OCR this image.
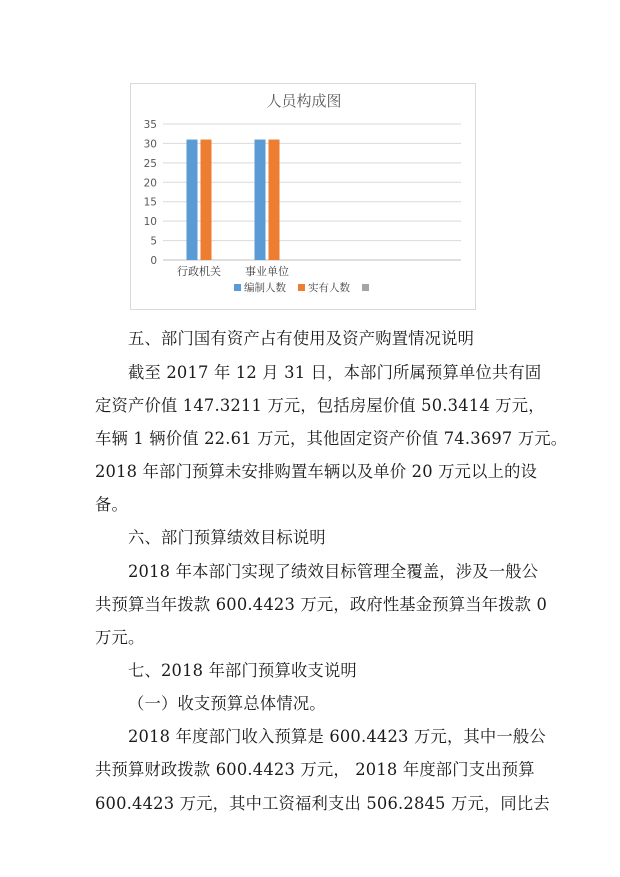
人员构成图
0
5
10
15
20
25
30
35
行政机关 事业单位
编制人数 实有人数
五、部门国有资产占有使用及资产购置情况说明
截至 2017 年 12 月 31 日，本部门所属预算单位共有固
定资产价值 147.3211 万元，包括房屋价值 50.3414 万元，
车辆 1 辆价值 22.61 万元，其他固定资产价值 74.3697 万元。
2018 年部门预算未安排购置车辆以及单价 20 万元以上的设
备。
六、部门预算绩效目标说明
2018 年本部门实现了绩效目标管理全覆盖，涉及一般公
共预算当年拨款 600.4423 万元，政府性基金预算当年拨款 0
万元。
七、2018 年部门预算收支说明
（一）收支预算总体情况。
2018 年度部门收入预算是 600.4423 万元，其中一般公
共预算财政拨款 600.4423 万元， 2018 年度部门支出预算
600.4423 万元，其中工资福利支出 506.2845 万元，同比去
